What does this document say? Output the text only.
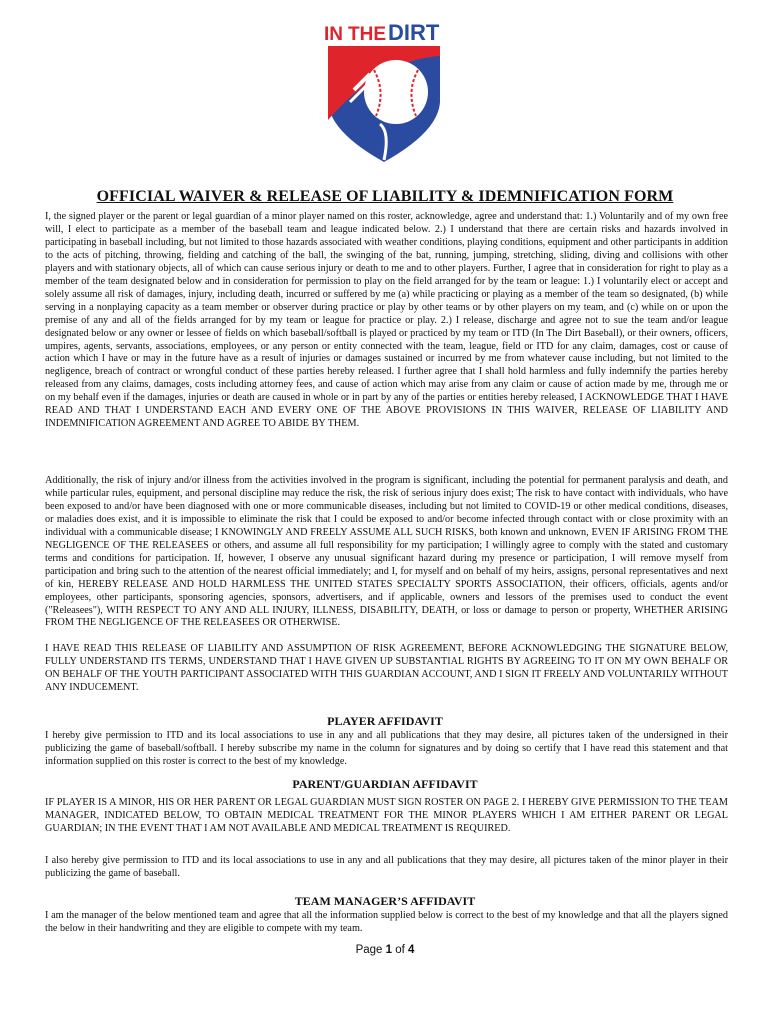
IN THE DIRT
OFFICIAL WAIVER & RELEASE OF LIABILITY & IDEMNIFICATION FORM

I, the signed player or the parent or legal guardian of a minor player named on this roster, acknowledge, agree and understand that: 1.) Voluntarily and of my own free will, I elect to participate as a member of the baseball team and league indicated below. 2.) I understand that there are certain risks and hazards involved in participating in baseball including, but not limited to those hazards associated with weather conditions, playing conditions, equipment and other participants in addition to the acts of pitching, throwing, fielding and catching of the ball, the swinging of the bat, running, jumping, stretching, sliding, diving and collisions with other players and with stationary objects, all of which can cause serious injury or death to me and to other players. Further, I agree that in consideration for right to play as a member of the team designated below and in consideration for permission to play on the field arranged for by the team or league: 1.) I voluntarily elect or accept and solely assume all risk of damages, injury, including death, incurred or suffered by me (a) while practicing or playing as a member of the team so designated, (b) while serving in a nonplaying capacity as a team member or observer during practice or play by other teams or by other players on my team, and (c) while on or upon the premise of any and all of the fields arranged for by my team or league for practice or play. 2.) I release, discharge and agree not to sue the team and/or league designated below or any owner or lessee of fields on which baseball/softball is played or practiced by my team or ITD (In The Dirt Baseball), or their owners, officers, umpires, agents, servants, associations, employees, or any person or entity connected with the team, league, field or ITD for any claim, damages, cost or cause of action which I have or may in the future have as a result of injuries or damages sustained or incurred by me from whatever cause including, but not limited to the negligence, breach of contract or wrongful conduct of these parties hereby released. I further agree that I shall hold harmless and fully indemnify the parties hereby released from any claims, damages, costs including attorney fees, and cause of action which may arise from any claim or cause of action made by me, through me or on my behalf even if the damages, injuries or death are caused in whole or in part by any of the parties or entities hereby released, I ACKNOWLEDGE THAT I HAVE READ AND THAT I UNDERSTAND EACH AND EVERY ONE OF THE ABOVE PROVISIONS IN THIS WAIVER, RELEASE OF LIABILITY AND INDEMNIFICATION AGREEMENT AND AGREE TO ABIDE BY THEM.

Additionally, the risk of injury and/or illness from the activities involved in the program is significant, including the potential for permanent paralysis and death, and while particular rules, equipment, and personal discipline may reduce the risk, the risk of serious injury does exist; The risk to have contact with individuals, who have been exposed to and/or have been diagnosed with one or more communicable diseases, including but not limited to COVID-19 or other medical conditions, diseases, or maladies does exist, and it is impossible to eliminate the risk that I could be exposed to and/or become infected through contact with or close proximity with an individual with a communicable disease; I KNOWINGLY AND FREELY ASSUME ALL SUCH RISKS, both known and unknown, EVEN IF ARISING FROM THE NEGLIGENCE OF THE RELEASEES or others, and assume all full responsibility for my participation; I willingly agree to comply with the stated and customary terms and conditions for participation. If, however, I observe any unusual significant hazard during my presence or participation, I will remove myself from participation and bring such to the attention of the nearest official immediately; and I, for myself and on behalf of my heirs, assigns, personal representatives and next of kin, HEREBY RELEASE AND HOLD HARMLESS THE UNITED STATES SPECIALTY SPORTS ASSOCIATION, their officers, officials, agents and/or employees, other participants, sponsoring agencies, sponsors, advertisers, and if applicable, owners and lessors of the premises used to conduct the event ("Releasees"), WITH RESPECT TO ANY AND ALL INJURY, ILLNESS, DISABILITY, DEATH, or loss or damage to person or property, WHETHER ARISING FROM THE NEGLIGENCE OF THE RELEASEES OR OTHERWISE.

I HAVE READ THIS RELEASE OF LIABILITY AND ASSUMPTION OF RISK AGREEMENT, BEFORE ACKNOWLEDGING THE SIGNATURE BELOW, FULLY UNDERSTAND ITS TERMS, UNDERSTAND THAT I HAVE GIVEN UP SUBSTANTIAL RIGHTS BY AGREEING TO IT ON MY OWN BEHALF OR ON BEHALF OF THE YOUTH PARTICIPANT ASSOCIATED WITH THIS GUARDIAN ACCOUNT, AND I SIGN IT FREELY AND VOLUNTARILY WITHOUT ANY INDUCEMENT.

PLAYER AFFIDAVIT

I hereby give permission to ITD and its local associations to use in any and all publications that they may desire, all pictures taken of the undersigned in their publicizing the game of baseball/softball. I hereby subscribe my name in the column for signatures and by doing so certify that I have read this statement and that information supplied on this roster is correct to the best of my knowledge.

PARENT/GUARDIAN AFFIDAVIT

IF PLAYER IS A MINOR, HIS OR HER PARENT OR LEGAL GUARDIAN MUST SIGN ROSTER ON PAGE 2. I HEREBY GIVE PERMISSION TO THE TEAM MANAGER, INDICATED BELOW, TO OBTAIN MEDICAL TREATMENT FOR THE MINOR PLAYERS WHICH I AM EITHER PARENT OR LEGAL GUARDIAN; IN THE EVENT THAT I AM NOT AVAILABLE AND MEDICAL TREATMENT IS REQUIRED.

I also hereby give permission to ITD and its local associations to use in any and all publications that they may desire, all pictures taken of the minor player in their publicizing the game of baseball.

TEAM MANAGER’S AFFIDAVIT

I am the manager of the below mentioned team and agree that all the information supplied below is correct to the best of my knowledge and that all the players signed the below in their handwriting and they are eligible to compete with my team.

Page 1 of 4
